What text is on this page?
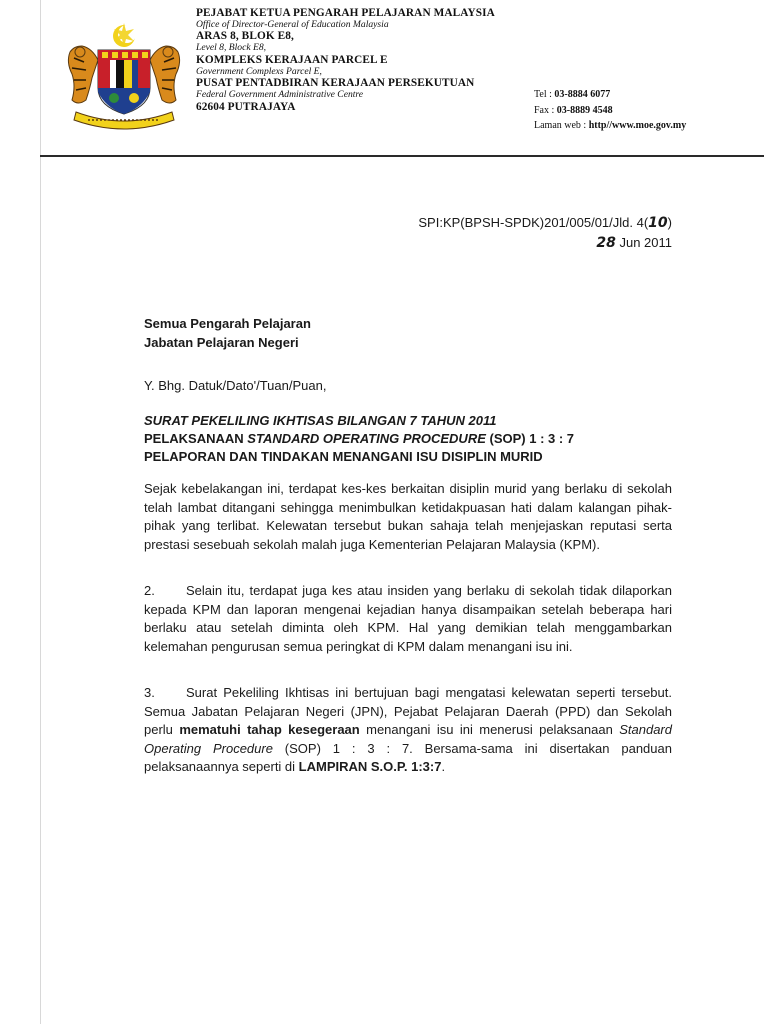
PEJABAT KETUA PENGARAH PELAJARAN MALAYSIA
Office of Director-General of Education Malaysia
ARAS 8, BLOK E8,
Level 8, Block E8,
KOMPLEKS KERAJAAN PARCEL E
Government Complexs Parcel E,
PUSAT PENTADBIRAN KERAJAAN PERSEKUTUAN
Federal Government Administrative Centre
62604 PUTRAJAYA
Tel : 03-8884 6077
Fax : 03-8889 4548
Laman web : http//www.moe.gov.my
SPI:KP(BPSH-SPDK)201/005/01/Jld. 4(10)
28 Jun 2011
Semua Pengarah Pelajaran
Jabatan Pelajaran Negeri
Y. Bhg. Datuk/Dato'/Tuan/Puan,
SURAT PEKELILING IKHTISAS BILANGAN 7 TAHUN 2011
PELAKSANAAN STANDARD OPERATING PROCEDURE (SOP) 1 : 3 : 7
PELAPORAN DAN TINDAKAN MENANGANI ISU DISIPLIN MURID
Sejak kebelakangan ini, terdapat kes-kes berkaitan disiplin murid yang berlaku di sekolah telah lambat ditangani sehingga menimbulkan ketidakpuasan hati dalam kalangan pihak-pihak yang terlibat. Kelewatan tersebut bukan sahaja telah menjejaskan reputasi serta prestasi sesebuah sekolah malah juga Kementerian Pelajaran Malaysia (KPM).
2. Selain itu, terdapat juga kes atau insiden yang berlaku di sekolah tidak dilaporkan kepada KPM dan laporan mengenai kejadian hanya disampaikan setelah beberapa hari berlaku atau setelah diminta oleh KPM. Hal yang demikian telah menggambarkan kelemahan pengurusan semua peringkat di KPM dalam menangani isu ini.
3. Surat Pekeliling Ikhtisas ini bertujuan bagi mengatasi kelewatan seperti tersebut. Semua Jabatan Pelajaran Negeri (JPN), Pejabat Pelajaran Daerah (PPD) dan Sekolah perlu mematuhi tahap kesegeraan menangani isu ini menerusi pelaksanaan Standard Operating Procedure (SOP) 1 : 3 : 7. Bersama-sama ini disertakan panduan pelaksanaannya seperti di LAMPIRAN S.O.P. 1:3:7.
